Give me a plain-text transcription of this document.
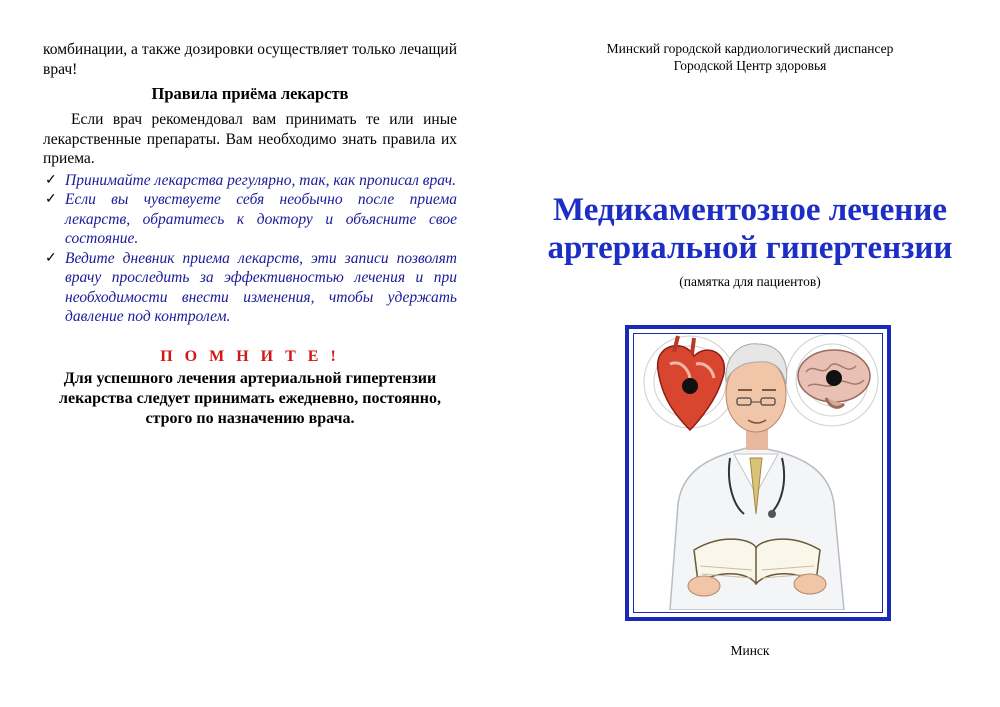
комбинации, а также дозировки осуществляет только лечащий врач!

Правила приёма лекарств

Если врач рекомендовал вам принимать те или иные лекарственные препараты. Вам необходимо знать правила их приема.

✓ Принимайте лекарства регулярно, так, как прописал врач.
✓ Если вы чувствуете себя необычно после приема лекарств, обратитесь к доктору и объясните свое состояние.
✓ Ведите дневник приема лекарств, эти записи позволят врачу проследить за эффективностью лечения и при необходимости внести изменения, чтобы удержать давление под контролем.
П О М Н И Т Е !
Для успешного лечения артериальной гипертензии лекарства следует принимать ежедневно, постоянно, строго по назначению врача.
Минский городской кардиологический диспансер
Городской Центр здоровья
Медикаментозное лечение артериальной гипертензии
(памятка для пациентов)
Минск
